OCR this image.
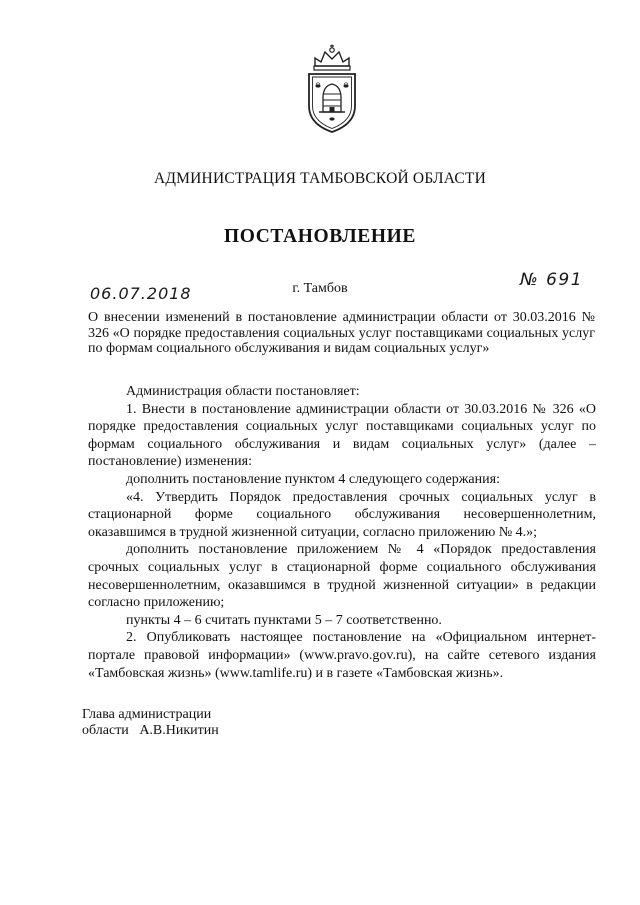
АДМИНИСТРАЦИЯ ТАМБОВСКОЙ ОБЛАСТИ
ПОСТАНОВЛЕНИЕ
г. Тамбов
06.07.2018
№ 691
О внесении изменений в постановление администрации области от 30.03.2016 № 326 «О порядке предоставления социальных услуг поставщиками социальных услуг по формам социального обслуживания и видам социальных услуг»

Администрация области постановляет:

1. Внести в постановление администрации области от 30.03.2016 № 326 «О порядке предоставления социальных услуг поставщиками социальных услуг по формам социального обслуживания и видам социальных услуг» (далее – постановление) изменения:

дополнить постановление пунктом 4 следующего содержания:

«4. Утвердить Порядок предоставления срочных социальных услуг в стационарной форме социального обслуживания несовершеннолетним, оказавшимся в трудной жизненной ситуации, согласно приложению № 4.»;

дополнить постановление приложением № 4 «Порядок предоставления срочных социальных услуг в стационарной форме социального обслуживания несовершеннолетним, оказавшимся в трудной жизненной ситуации» в редакции согласно приложению;

пункты 4 – 6 считать пунктами 5 – 7 соответственно.

2. Опубликовать настоящее постановление на «Официальном интернет-портале правовой информации» (www.pravo.gov.ru), на сайте сетевого издания «Тамбовская жизнь» (www.tamlife.ru) и в газете «Тамбовская жизнь».

Глава администрации
области А.В.Никитин
